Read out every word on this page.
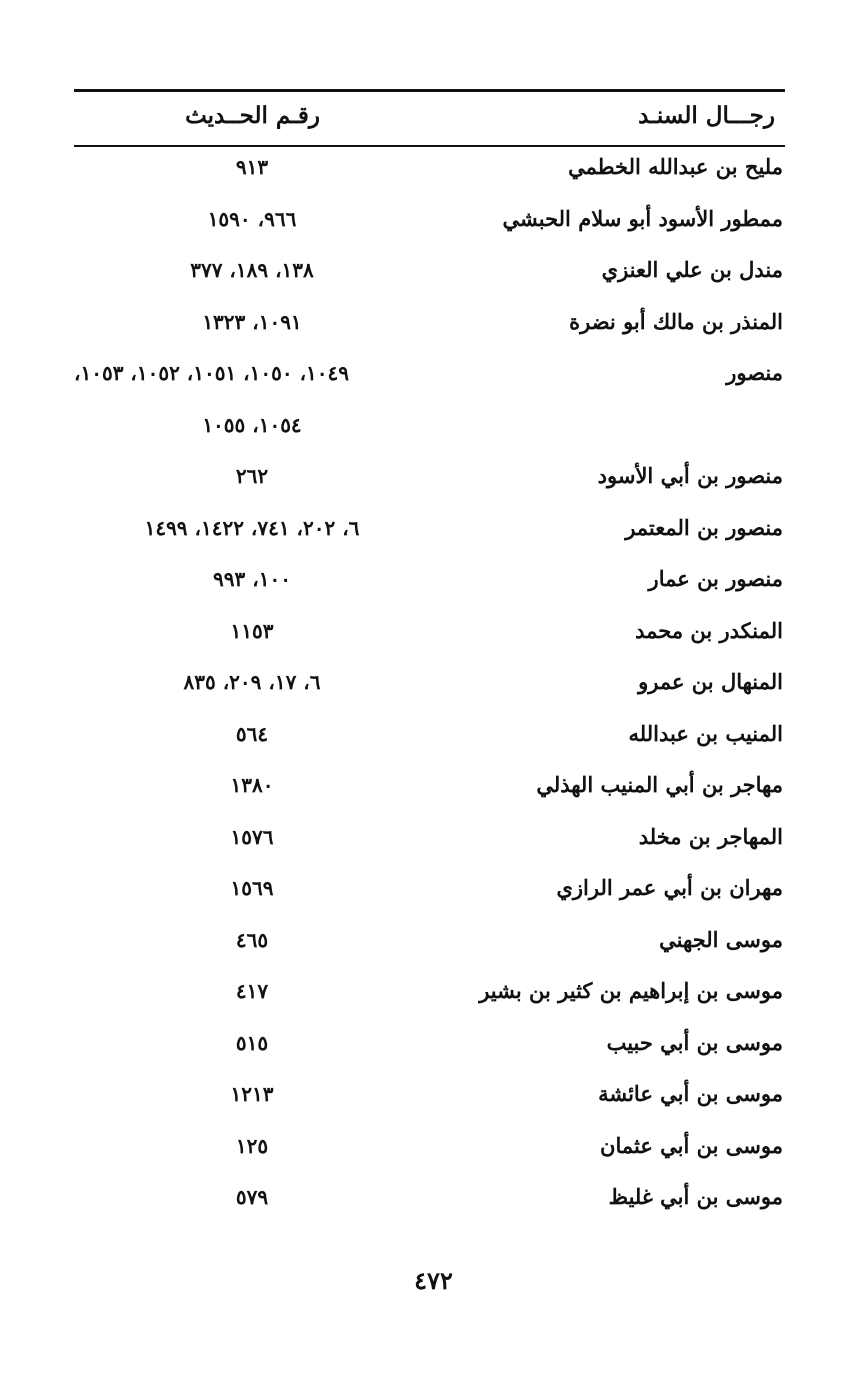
رجـــال السنـد
رقـم الحــديث
مليح بن عبدالله الخطمي
٩١٣
ممطور الأسود أبو سلام الحبشي
٩٦٦، ١٥٩٠
مندل بن علي العنزي
١٣٨، ١٨٩، ٣٧٧
المنذر بن مالك أبو نضرة
١٠٩١، ١٣٢٣
منصور
١٠٤٩، ١٠٥٠، ١٠٥١، ١٠٥٢، ١٠٥٣،
١٠٥٤، ١٠٥٥
منصور بن أبي الأسود
٢٦٢
منصور بن المعتمر
٦، ٢٠٢، ٧٤١، ١٤٢٢، ١٤٩٩
منصور بن عمار
١٠٠، ٩٩٣
المنكدر بن محمد
١١٥٣
المنهال بن عمرو
٦، ١٧، ٢٠٩، ٨٣٥
المنيب بن عبدالله
٥٦٤
مهاجر بن أبي المنيب الهذلي
١٣٨٠
المهاجر بن مخلد
١٥٧٦
مهران بن أبي عمر الرازي
١٥٦٩
موسى الجهني
٤٦٥
موسى بن إبراهيم بن كثير بن بشير
٤١٧
موسى بن أبي حبيب
٥١٥
موسى بن أبي عائشة
١٢١٣
موسى بن أبي عثمان
١٢٥
موسى بن أبي غليظ
٥٧٩
٤٧٢
